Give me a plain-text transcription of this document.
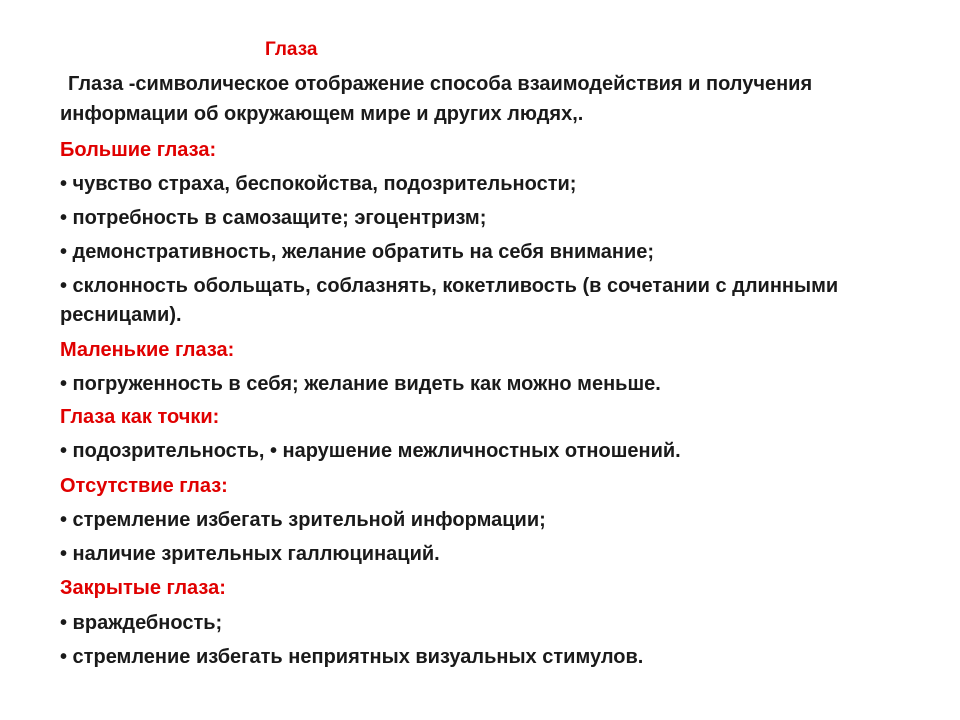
Глаза
Глаза -символическое отображение способа взаимодействия и получения
информации об окружающем мире и других людях,.
Большие глаза:
• чувство страха, беспокойства, подозрительности;
• потребность в самозащите; эгоцентризм;
• демонстративность, желание обратить на себя внимание;
• склонность обольщать, соблазнять, кокетливость (в сочетании с длинными
ресницами).
Маленькие глаза:
• погруженность в себя; желание видеть как можно меньше.
Глаза как точки:
• подозрительность, • нарушение межличностных отношений.
Отсутствие глаз:
• стремление избегать зрительной информации;
• наличие зрительных галлюцинаций.
Закрытые глаза:
• враждебность;
• стремление избегать неприятных визуальных стимулов.
